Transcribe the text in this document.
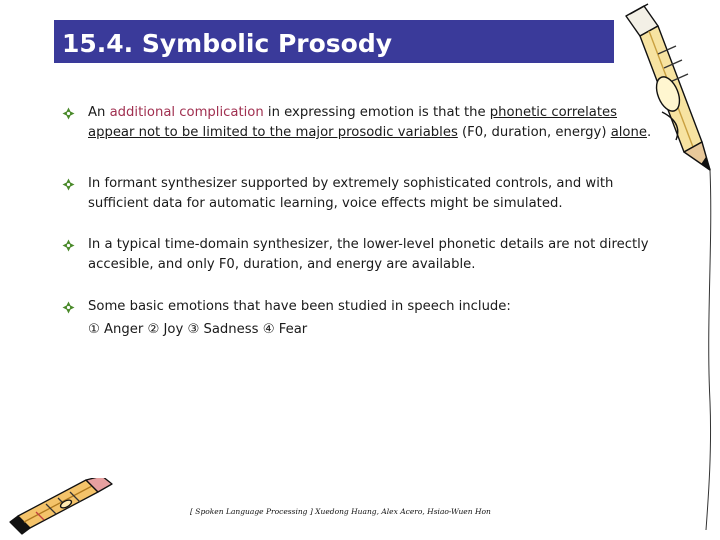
15.4. Symbolic Prosody
An additional complication in expressing emotion is that the phonetic correlates appear not to be limited to the major prosodic variables (F0, duration, energy) alone.
In formant synthesizer supported by extremely sophisticated controls, and with sufficient data for automatic learning, voice effects might be simulated.
In a typical time-domain synthesizer, the lower-level phonetic details are not directly accesible, and only F0, duration, and energy are available.
Some basic emotions that have been studied in speech include:
① Anger ② Joy ③ Sadness ④ Fear
[ Spoken Language Processing ] Xuedong Huang, Alex Acero, Hsiao-Wuen Hon
